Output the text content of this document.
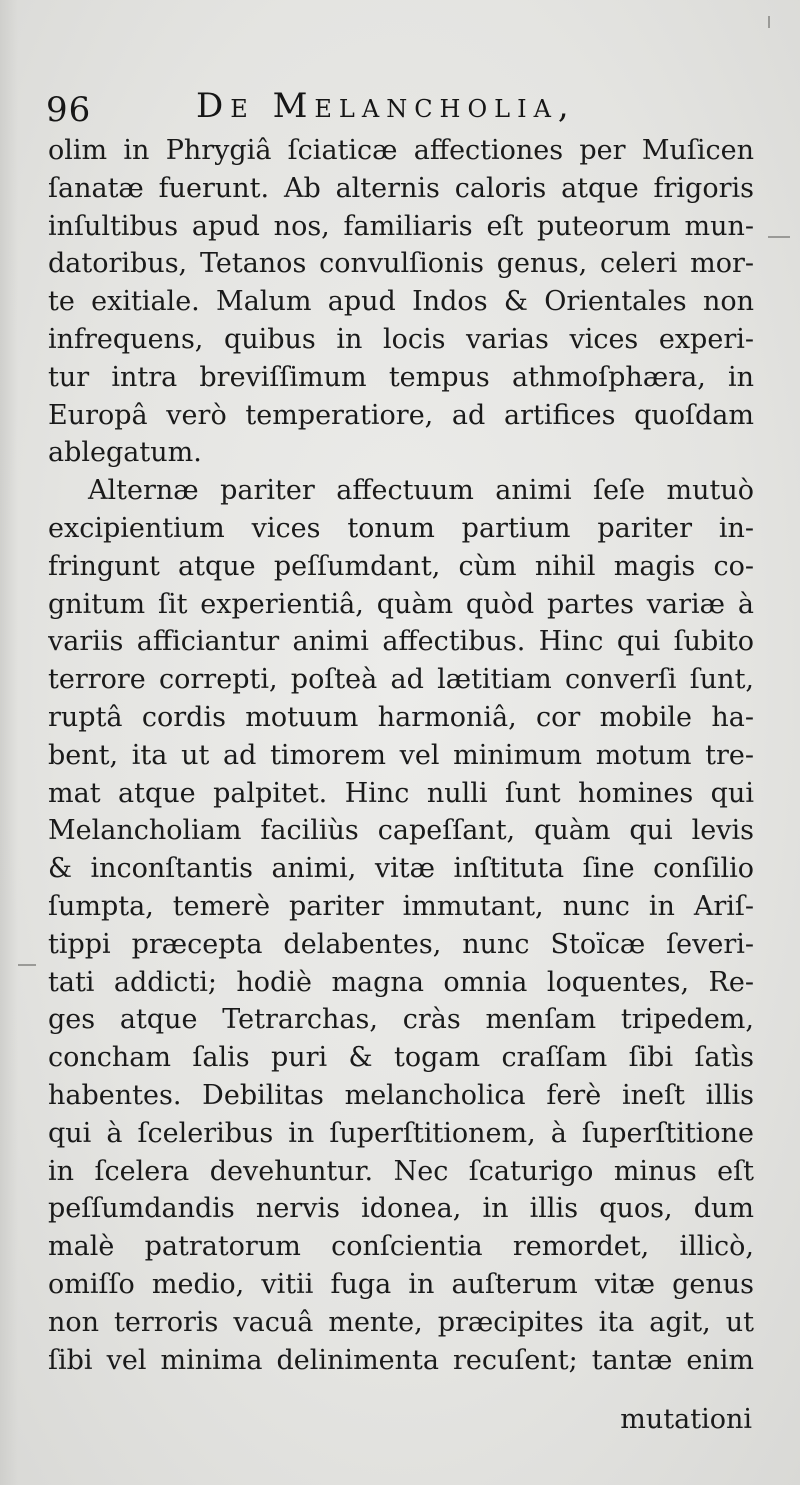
96	De Melancholia,
olim in Phrygiâ ſciaticæ affectiones per Muſicen
ſanatæ fuerunt. Ab alternis caloris atque frigoris
inſultibus apud nos, familiaris eſt puteorum mun-
datoribus, Tetanos convulſionis genus, celeri mor-
te exitiale. Malum apud Indos & Orientales non
infrequens, quibus in locis varias vices experi-
tur intra breviſſimum tempus athmoſphæra, in
Europâ verò temperatiore, ad artifices quoſdam
ablegatum.
Alternæ pariter affectuum animi ſeſe mutuò
excipientium vices tonum partium pariter in-
fringunt atque peſſumdant, cùm nihil magis co-
gnitum ſit experientiâ, quàm quòd partes variæ à
variis afficiantur animi affectibus. Hinc qui ſubito
terrore correpti, poſteà ad lætitiam converſi ſunt,
ruptâ cordis motuum harmoniâ, cor mobile ha-
bent, ita ut ad timorem vel minimum motum tre-
mat atque palpitet. Hinc nulli ſunt homines qui
Melancholiam faciliùs capeſſant, quàm qui levis
& inconſtantis animi, vitæ inſtituta ſine conſilio
ſumpta, temerè pariter immutant, nunc in Ariſ-
tippi præcepta delabentes, nunc Stoïcæ ſeveri-
tati addicti; hodiè magna omnia loquentes, Re-
ges atque Tetrarchas, cràs menſam tripedem,
concham ſalis puri & togam craſſam ſibi ſatìs
habentes. Debilitas melancholica ferè ineſt illis
qui à ſceleribus in ſuperſtitionem, à ſuperſtitione
in ſcelera devehuntur. Nec ſcaturigo minus eſt
peſſumdandis nervis idonea, in illis quos, dum
malè patratorum conſcientia remordet, illicò,
omiſſo medio, vitii fuga in auſterum vitæ genus
non terroris vacuâ mente, præcipites ita agit, ut
ſibi vel minima delinimenta recuſent; tantæ enim
mutationi
